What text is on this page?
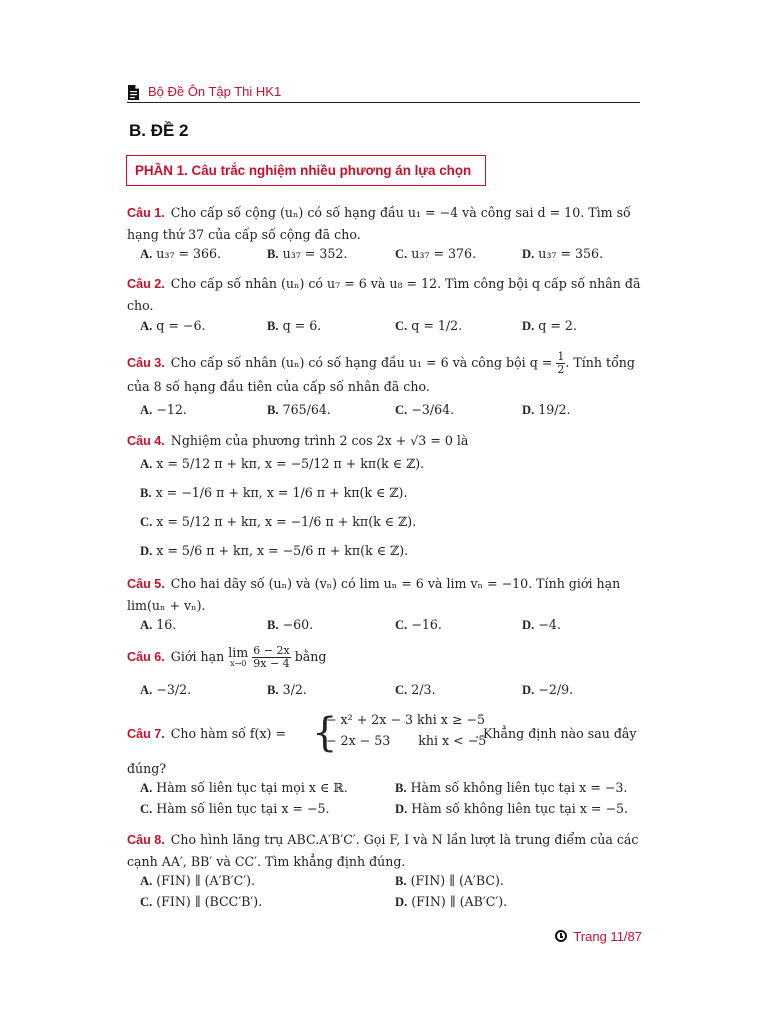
Bộ Đề Ôn Tập Thi HK1
B. ĐỀ 2
PHẦN 1. Câu trắc nghiệm nhiều phương án lựa chọn
Câu 1. Cho cấp số cộng (uₙ) có số hạng đầu u₁ = −4 và công sai d = 10. Tìm số hạng thứ 37 của cấp số cộng đã cho.
A. u₃₇ = 366.	B. u₃₇ = 352.	C. u₃₇ = 376.	D. u₃₇ = 356.
Câu 2. Cho cấp số nhân (uₙ) có u₇ = 6 và u₈ = 12. Tìm công bội q cấp số nhân đã cho.
A. q = −6.	B. q = 6.	C. q = 1/2.	D. q = 2.
Câu 3. Cho cấp số nhân (uₙ) có số hạng đầu u₁ = 6 và công bội $q = \frac{1}{2}$ . Tính tổng của 8 số hạng đầu tiên của cấp số nhân đã cho.
A. −12.	B. 765/64.	C. −3/64.	D. 19/2.
Câu 4. Nghiệm của phương trình 2 cos 2x + √3 = 0 là
A. x = 5/12 π + kπ, x = −5/12 π + kπ(k ∈ ℤ).
B. x = −1/6 π + kπ, x = 1/6 π + kπ(k ∈ ℤ).
C. x = 5/12 π + kπ, x = −1/6 π + kπ(k ∈ ℤ).
D. x = 5/6 π + kπ, x = −5/6 π + kπ(k ∈ ℤ).
Câu 5. Cho hai dãy số (uₙ) và (vₙ) có lim uₙ = 6 và lim vₙ = −10. Tính giới hạn lim(uₙ + vₙ).
A. 16.	B. −60.	C. −16.	D. −4.
Câu 6. Giới hạn lim
x→0
$\frac{6 - 2x}{9x - 4}$ bằng
A. −3/2.	B. 3/2.	C. 2/3.	D. −2/9.
Câu 7. Cho hàm số f(x) = {
− x² + 2x − 3 khi x ≥ −5
− 2x − 53       khi x < −5
. Khẳng định nào sau đây
đúng?
A. Hàm số liên tục tại mọi x ∈ ℝ.	B. Hàm số không liên tục tại x = −3.
C. Hàm số liên tục tại x = −5.	D. Hàm số không liên tục tại x = −5.
Câu 8. Cho hình lăng trụ ABC.A′B′C′. Gọi F, I và N lần lượt là trung điểm của các cạnh AA′, BB′ và CC′. Tìm khẳng định đúng.
A. (FIN) ∥ (A′B′C′).	B. (FIN) ∥ (A′BC).
C. (FIN) ∥ (BCC′B′).	D. (FIN) ∥ (AB′C′).
Trang 11/87
